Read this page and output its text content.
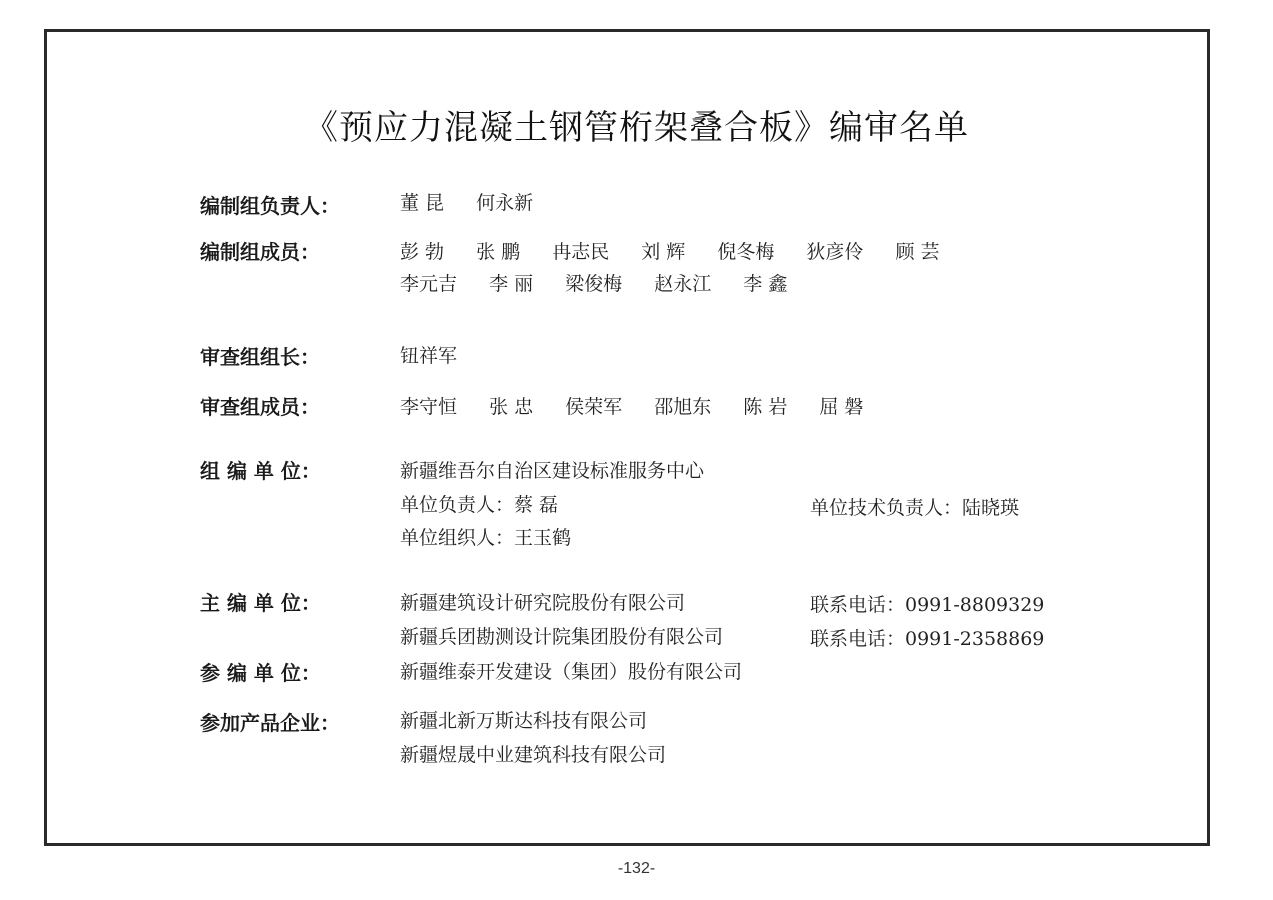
《预应力混凝土钢管桁架叠合板》编审名单
编制组负责人：	董 昆 何永新
编制组成员：	彭 勃 张 鹏 冉志民 刘 辉 倪冬梅 狄彦伶 顾 芸
李元吉 李 丽 梁俊梅 赵永江 李 鑫
审查组组长：	钮祥军
审查组成员：	李守恒 张 忠 侯荣军 邵旭东 陈 岩 屈 磐
组 编 单 位：	新疆维吾尔自治区建设标准服务中心
单位负责人：蔡 磊	单位技术负责人：陆晓瑛
单位组织人：王玉鹤
主 编 单 位：	新疆建筑设计研究院股份有限公司	联系电话：0991-8809329
新疆兵团勘测设计院集团股份有限公司	联系电话：0991-2358869
参 编 单 位：	新疆维泰开发建设（集团）股份有限公司
参加产品企业：	新疆北新万斯达科技有限公司
新疆煜晟中业建筑科技有限公司
-132-
